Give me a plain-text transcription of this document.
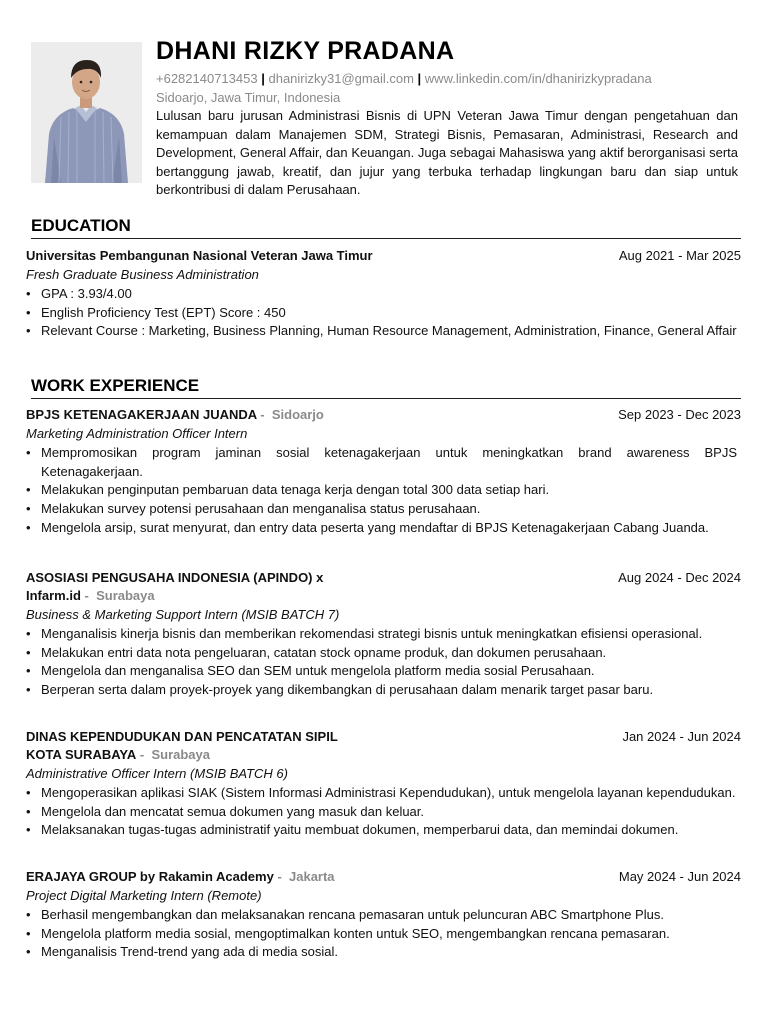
DHANI RIZKY PRADANA
+6282140713453 | dhanirizky31@gmail.com | www.linkedin.com/in/dhanirizkypradana
Sidoarjo, Jawa Timur, Indonesia
Lulusan baru jurusan Administrasi Bisnis di UPN Veteran Jawa Timur dengan pengetahuan dan kemampuan dalam Manajemen SDM, Strategi Bisnis, Pemasaran, Administrasi, Research and Development, General Affair, dan Keuangan. Juga sebagai Mahasiswa yang aktif berorganisasi serta bertanggung jawab, kreatif, dan jujur yang terbuka terhadap lingkungan baru dan siap untuk berkontribusi di dalam Perusahaan.
EDUCATION
Universitas Pembangunan Nasional Veteran Jawa Timur	Aug 2021 - Mar 2025
Fresh Graduate Business Administration
• GPA : 3.93/4.00
• English Proficiency Test (EPT) Score : 450
• Relevant Course : Marketing, Business Planning, Human Resource Management, Administration, Finance, General Affair
WORK EXPERIENCE
BPJS KETENAGAKERJAAN JUANDA -  Sidoarjo	Sep 2023 - Dec 2023
Marketing Administration Officer Intern
• Mempromosikan program jaminan sosial ketenagakerjaan untuk meningkatkan brand awareness BPJS Ketenagakerjaan.
• Melakukan penginputan pembaruan data tenaga kerja dengan total 300 data setiap hari.
• Melakukan survey potensi perusahaan dan menganalisa status perusahaan.
• Mengelola arsip, surat menyurat, dan entry data peserta yang mendaftar di BPJS Ketenagakerjaan Cabang Juanda.
ASOSIASI PENGUSAHA INDONESIA (APINDO) x	Aug 2024 - Dec 2024
Infarm.id - Surabaya
Business & Marketing Support Intern (MSIB BATCH 7)
• Menganalisis kinerja bisnis dan memberikan rekomendasi strategi bisnis untuk meningkatkan efisiensi operasional.
• Melakukan entri data nota pengeluaran, catatan stock opname produk, dan dokumen perusahaan.
• Mengelola dan menganalisa SEO dan SEM untuk mengelola platform media sosial Perusahaan.
• Berperan serta dalam proyek-proyek yang dikembangkan di perusahaan dalam menarik target pasar baru.
DINAS KEPENDUDUKAN DAN PENCATATAN SIPIL	Jan 2024 - Jun 2024
KOTA SURABAYA - Surabaya
Administrative Officer Intern (MSIB BATCH 6)
• Mengoperasikan aplikasi SIAK (Sistem Informasi Administrasi Kependudukan), untuk mengelola layanan kependudukan.
• Mengelola dan mencatat semua dokumen yang masuk dan keluar.
• Melaksanakan tugas-tugas administratif yaitu membuat dokumen, memperbarui data, dan memindai dokumen.
ERAJAYA GROUP by Rakamin Academy -  Jakarta	May 2024 - Jun 2024
Project Digital Marketing Intern (Remote)
• Berhasil mengembangkan dan melaksanakan rencana pemasaran untuk peluncuran ABC Smartphone Plus.
• Mengelola platform media sosial, mengoptimalkan konten untuk SEO, mengembangkan rencana pemasaran.
• Menganalisis Trend-trend yang ada di media sosial.
